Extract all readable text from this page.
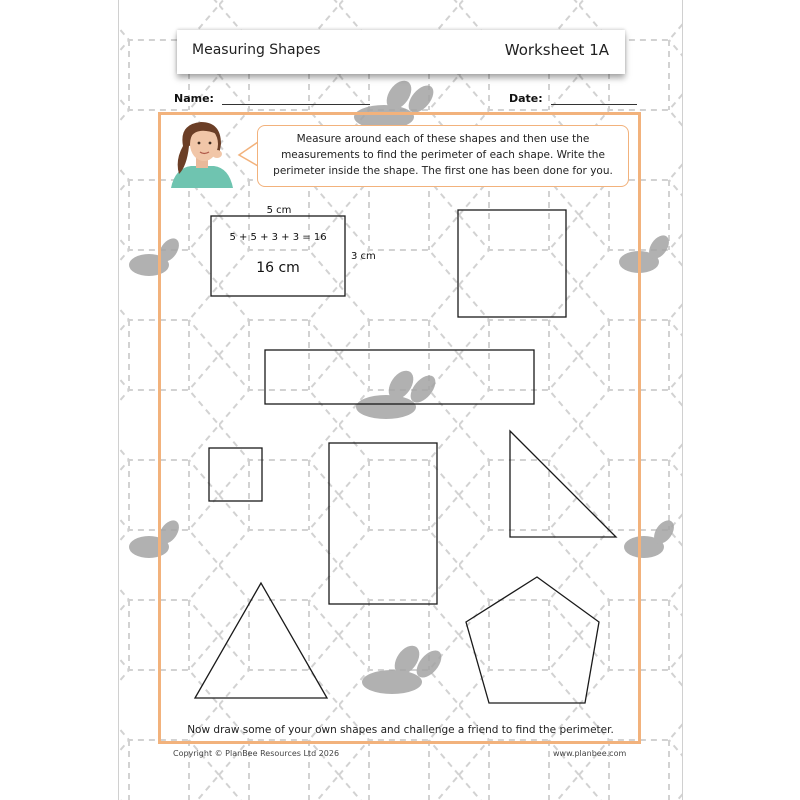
Measuring Shapes	Worksheet 1A
Name:	Date:
Measure around each of these shapes and then use the measurements to find the perimeter of each shape. Write the perimeter inside the shape. The first one has been done for you.
5 cm
3 cm
5 + 5 + 3 + 3 = 16
16 cm
Now draw some of your own shapes and challenge a friend to find the perimeter.
Copyright © PlanBee Resources Ltd 2026	www.planbee.com
